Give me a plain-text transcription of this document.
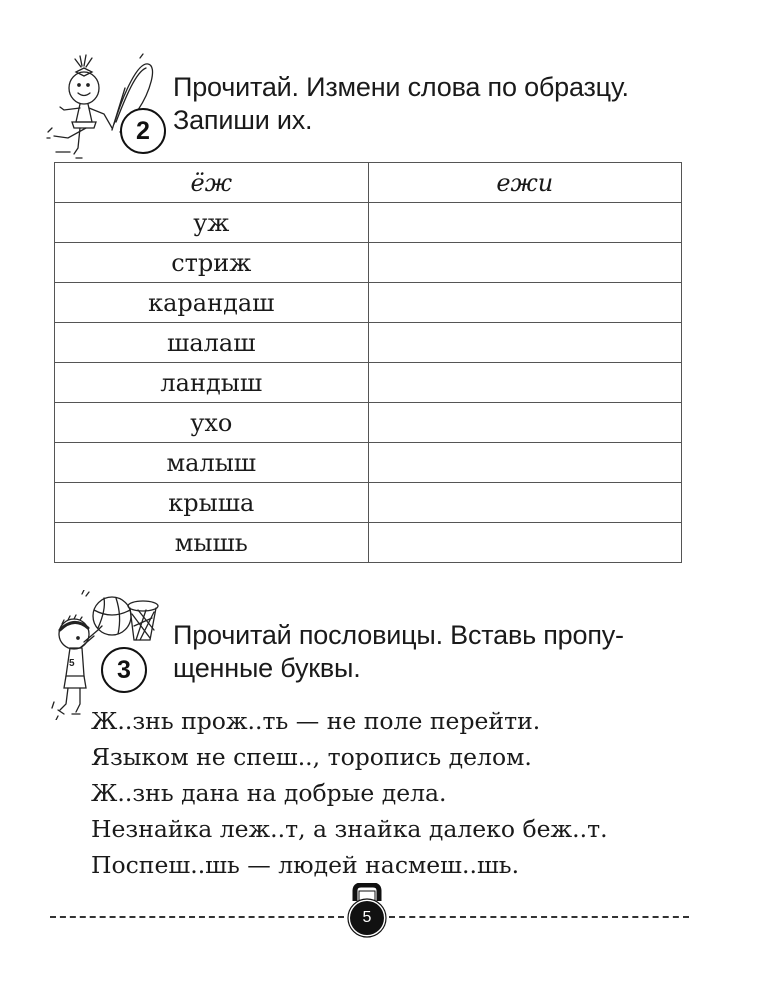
2
Прочитай. Измени слова по образцу.
Запиши их.
ёж	ежи
уж	
стриж	
карандаш	
шалаш	
ландыш	
ухо	
малыш	
крыша	
мышь	
5 3
Прочитай пословицы. Вставь пропу-
щенные буквы.
Ж..знь прож..ть — не поле перейти.
Языком не спеш.., торопись делом.
Ж..знь дана на добрые дела.
Незнайка леж..т, а знайка далеко беж..т.
Поспеш..шь — людей насмеш..шь.
5
